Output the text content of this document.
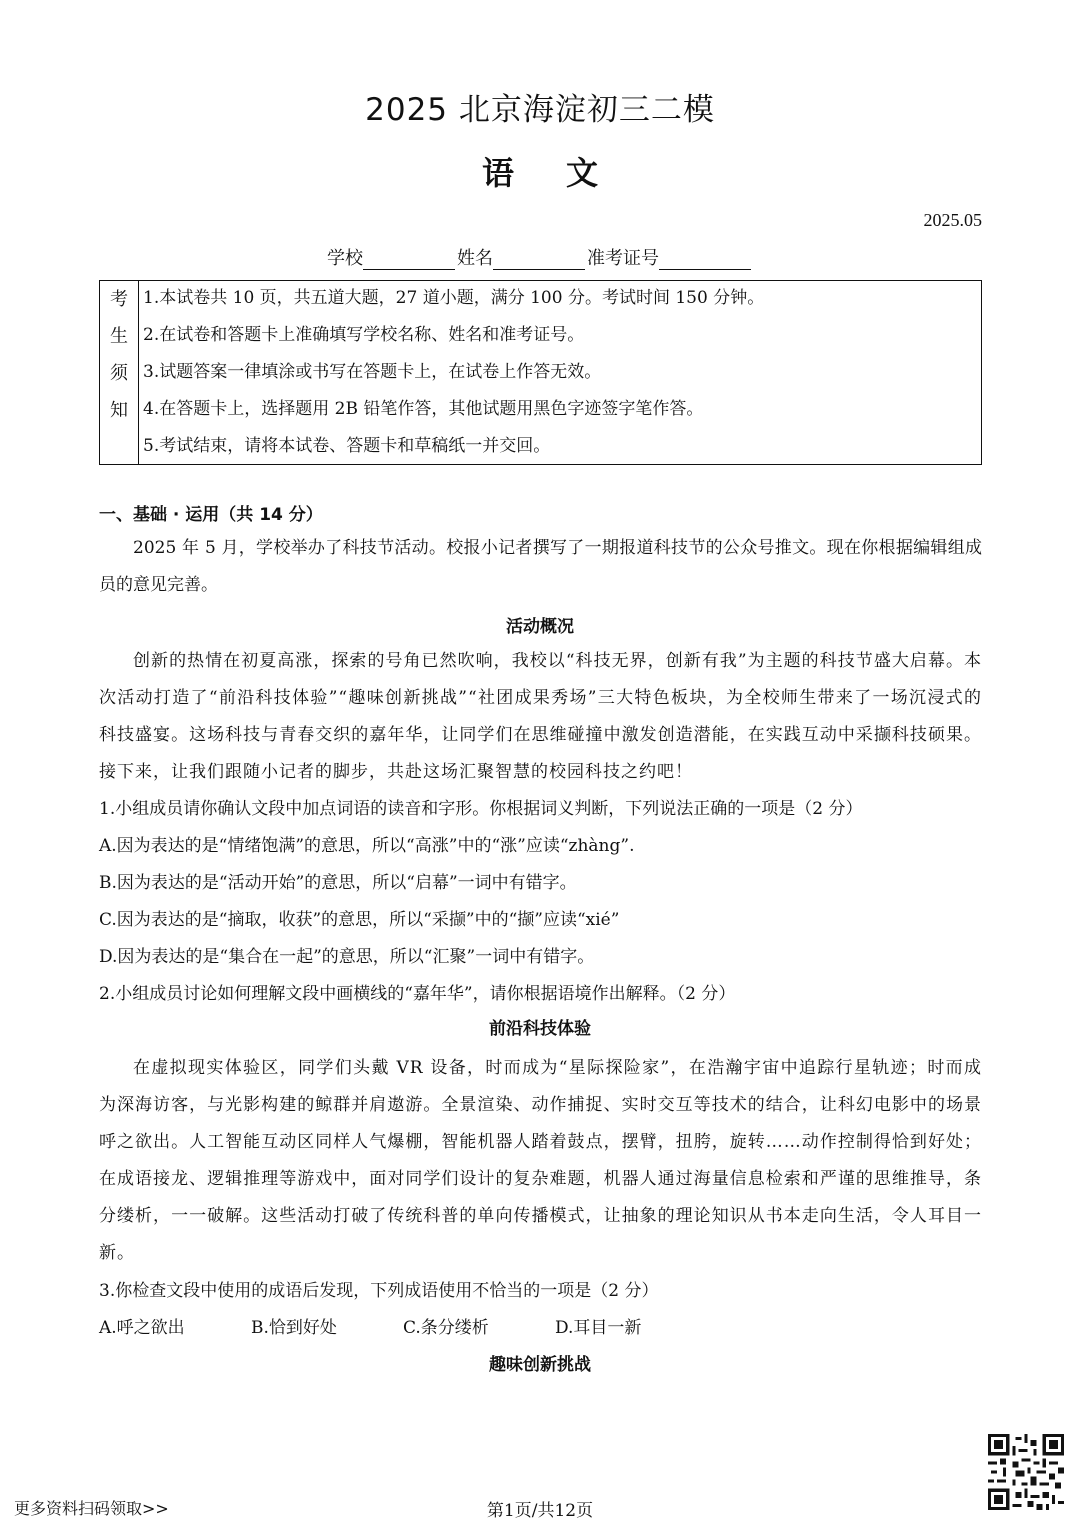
2025 北京海淀初三二模
语 文
2025.05
学校	姓名	准考证号
考
生
须
知
1.本试卷共 10 页，共五道大题，27 道小题，满分 100 分。考试时间 150 分钟。
2.在试卷和答题卡上准确填写学校名称、姓名和准考证号。
3.试题答案一律填涂或书写在答题卡上，在试卷上作答无效。
4.在答题卡上，选择题用 2B 铅笔作答，其他试题用黑色字迹签字笔作答。
5.考试结束，请将本试卷、答题卡和草稿纸一并交回。
一、基础 · 运用（共 14 分）
2025 年 5 月，学校举办了科技节活动。校报小记者撰写了一期报道科技节的公众号推文。现在你根据编辑组成员的意见完善。
活动概况
创新的热情在初夏高涨，探索的号角已然吹响，我校以“科技无界，创新有我”为主题的科技节盛大启幕。本次活动打造了“前沿科技体验”“趣味创新挑战”“社团成果秀场”三大特色板块，为全校师生带来了一场沉浸式的科技盛宴。这场科技与青春交织的嘉年华，让同学们在思维碰撞中激发创造潜能，在实践互动中采撷科技硕果。接下来，让我们跟随小记者的脚步，共赴这场汇聚智慧的校园科技之约吧！
1.小组成员请你确认文段中加点词语的读音和字形。你根据词义判断，下列说法正确的一项是（2 分）
A.因为表达的是“情绪饱满”的意思，所以“高涨”中的“涨”应读“zhàng”.
B.因为表达的是“活动开始”的意思，所以“启幕”一词中有错字。
C.因为表达的是“摘取，收获”的意思，所以“采撷”中的“撷”应读“xié”
D.因为表达的是“集合在一起”的意思，所以“汇聚”一词中有错字。
2.小组成员讨论如何理解文段中画横线的“嘉年华”，请你根据语境作出解释。（2 分）
前沿科技体验
在虚拟现实体验区，同学们头戴 VR 设备，时而成为“星际探险家”，在浩瀚宇宙中追踪行星轨迹；时而成为深海访客，与光影构建的鲸群并肩遨游。全景渲染、动作捕捉、实时交互等技术的结合，让科幻电影中的场景呼之欲出。人工智能互动区同样人气爆棚，智能机器人踏着鼓点，摆臂，扭胯，旋转……动作控制得恰到好处；在成语接龙、逻辑推理等游戏中，面对同学们设计的复杂难题，机器人通过海量信息检索和严谨的思维推导，条分缕析，一一破解。这些活动打破了传统科普的单向传播模式，让抽象的理论知识从书本走向生活，令人耳目一新。
3.你检查文段中使用的成语后发现，下列成语使用不恰当的一项是（2 分）
A.呼之欲出	B.恰到好处	C.条分缕析	D.耳目一新
趣味创新挑战
更多资料扫码领取>>	第1页/共12页
